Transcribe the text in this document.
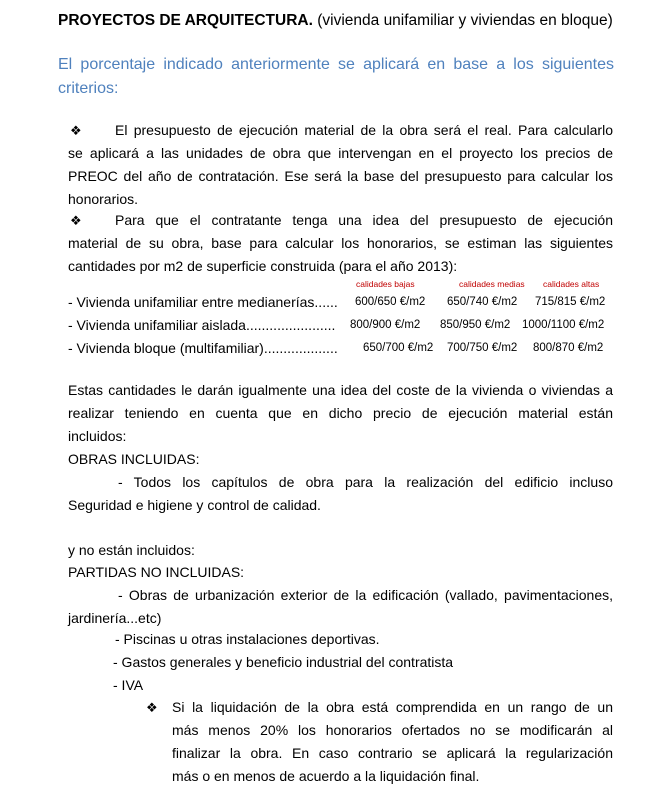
PROYECTOS DE ARQUITECTURA. (vivienda unifamiliar y viviendas en bloque)
El porcentaje indicado anteriormente se aplicará en base a los siguientes
criterios:
❖ El presupuesto de ejecución material de la obra será el real. Para calcularlo
se aplicará a las unidades de obra que intervengan en el proyecto los precios de
PREOC del año de contratación. Ese será la base del presupuesto para calcular los
honorarios.
❖ Para que el contratante tenga una idea del presupuesto de ejecución
material de su obra, base para calcular los honorarios, se estiman las siguientes
cantidades por m2 de superficie construida (para el año 2013):
calidades bajas	calidades medias calidades altas
- Vivienda unifamiliar entre medianerías...... 600/650 €/m2 650/740 €/m2 715/815 €/m2
- Vivienda unifamiliar aislada....................... 800/900 €/m2 850/950 €/m2 1000/1100 €/m2
- Vivienda bloque (multifamiliar)................... 650/700 €/m2 700/750 €/m2 800/870 €/m2
Estas cantidades le darán igualmente una idea del coste de la vivienda o viviendas a
realizar teniendo en cuenta que en dicho precio de ejecución material están
incluidos:
OBRAS INCLUIDAS:
- Todos los capítulos de obra para la realización del edificio incluso
Seguridad e higiene y control de calidad.
y no están incluidos:
PARTIDAS NO INCLUIDAS:
- Obras de urbanización exterior de la edificación (vallado, pavimentaciones,
jardinería...etc)
- Piscinas u otras instalaciones deportivas.
- Gastos generales y beneficio industrial del contratista
- IVA
❖ Si la liquidación de la obra está comprendida en un rango de un
más menos 20% los honorarios ofertados no se modificarán al
finalizar la obra. En caso contrario se aplicará la regularización
más o en menos de acuerdo a la liquidación final.
